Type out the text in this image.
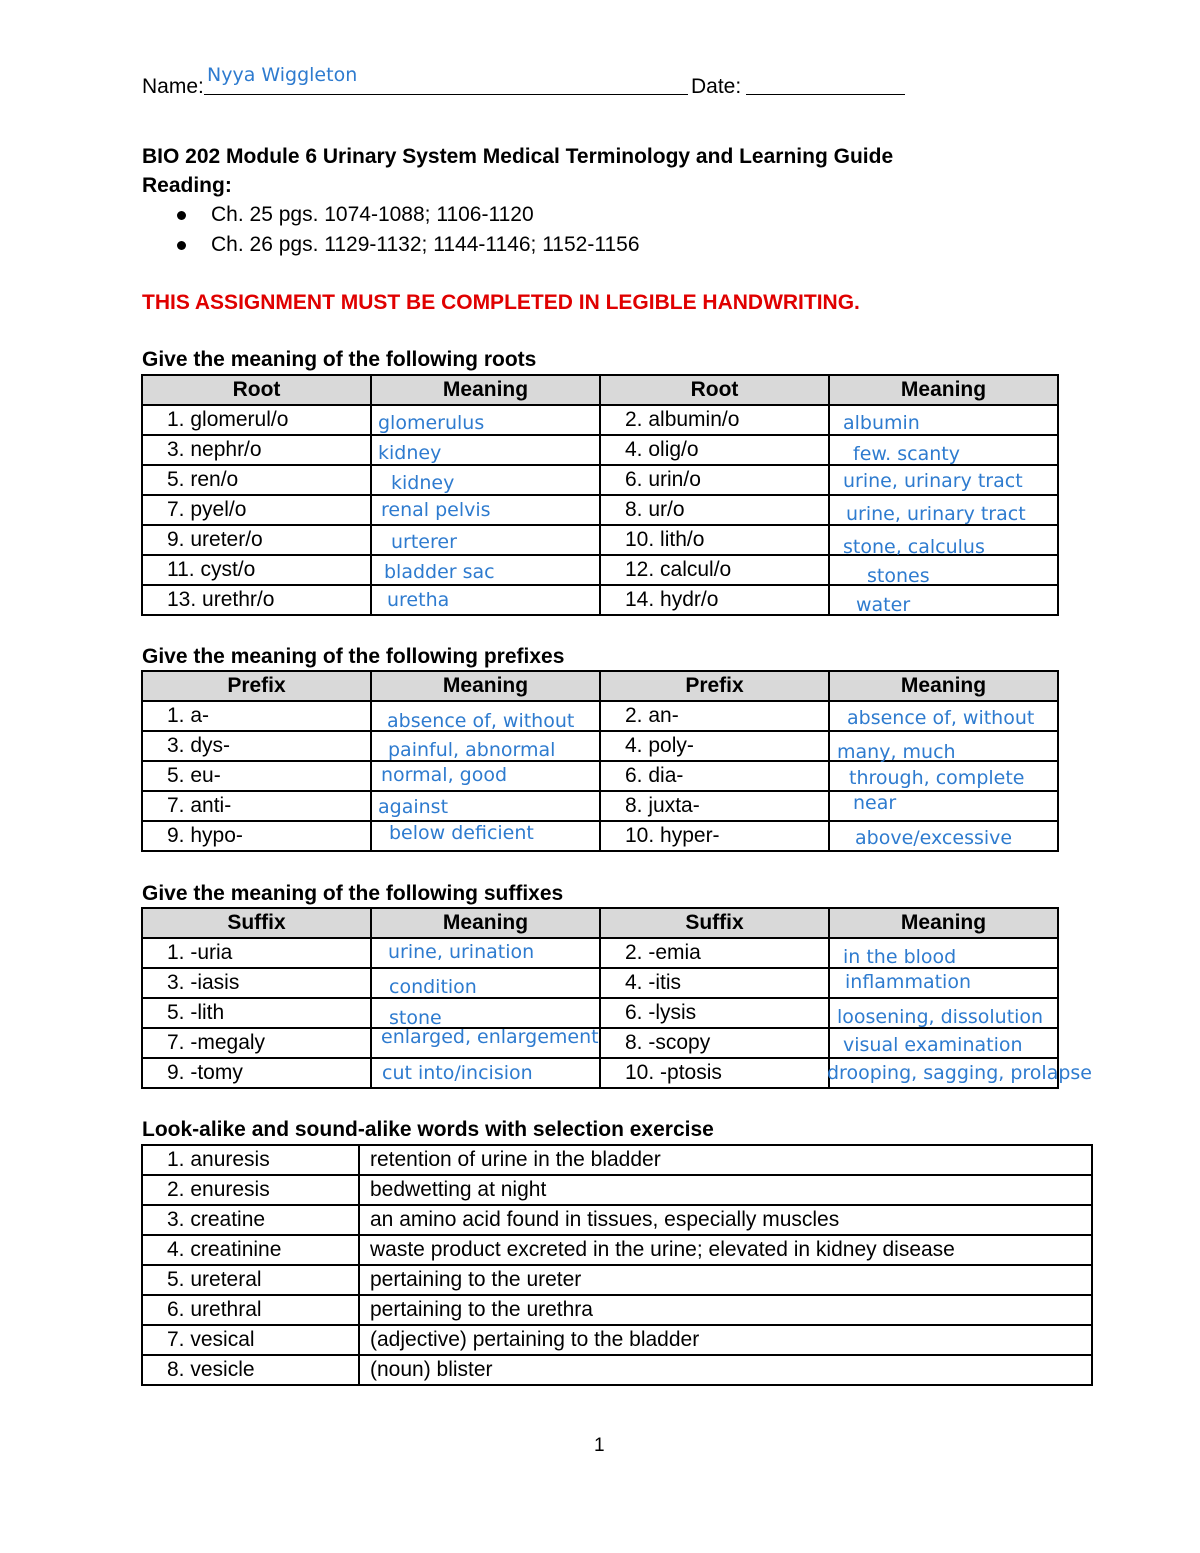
Name: Nyya Wiggleton	Date:
BIO 202 Module 6 Urinary System Medical Terminology and Learning Guide
Reading:
Ch. 25 pgs. 1074-1088; 1106-1120
Ch. 26 pgs. 1129-1132; 1144-1146; 1152-1156
THIS ASSIGNMENT MUST BE COMPLETED IN LEGIBLE HANDWRITING.
Give the meaning of the following roots
Root	Meaning	Root	Meaning
1. glomerul/o	glomerulus	2. albumin/o	albumin

3. nephr/o	kidney	4. olig/o	few. scanty

5. ren/o	kidney	6. urin/o	urine, urinary tract

7. pyel/o	renal pelvis	8. ur/o	urine, urinary tract

9. ureter/o	urterer	10. lith/o	stone, calculus

11. cyst/o	bladder sac	12. calcul/o	stones

13. urethr/o	uretha	14. hydr/o	water
Give the meaning of the following prefixes
Prefix	Meaning	Prefix	Meaning
1. a-	absence of, without	2. an-	absence of, without

3. dys-	painful, abnormal	4. poly-	many, much

5. eu-	normal, good	6. dia-	through, complete

7. anti-	against	8. juxta-	near

9. hypo-	below deficient	10. hyper-	above/excessive
Give the meaning of the following suffixes
Suffix	Meaning	Suffix	Meaning
1. -uria	urine, urination	2. -emia	in the blood

3. -iasis	condition	4. -itis	inflammation

5. -lith	stone	6. -lysis	loosening, dissolution

7. -megaly	enlarged, enlargement	8. -scopy	visual examination

9. -tomy	cut into/incision	10. -ptosis	drooping, sagging, prolapse
Look-alike and sound-alike words with selection exercise
1. anuresis	retention of urine in the bladder
2. enuresis	bedwetting at night
3. creatine	an amino acid found in tissues, especially muscles
4. creatinine	waste product excreted in the urine; elevated in kidney disease
5. ureteral	pertaining to the ureter
6. urethral	pertaining to the urethra
7. vesical	(adjective) pertaining to the bladder
8. vesicle	(noun) blister
1
